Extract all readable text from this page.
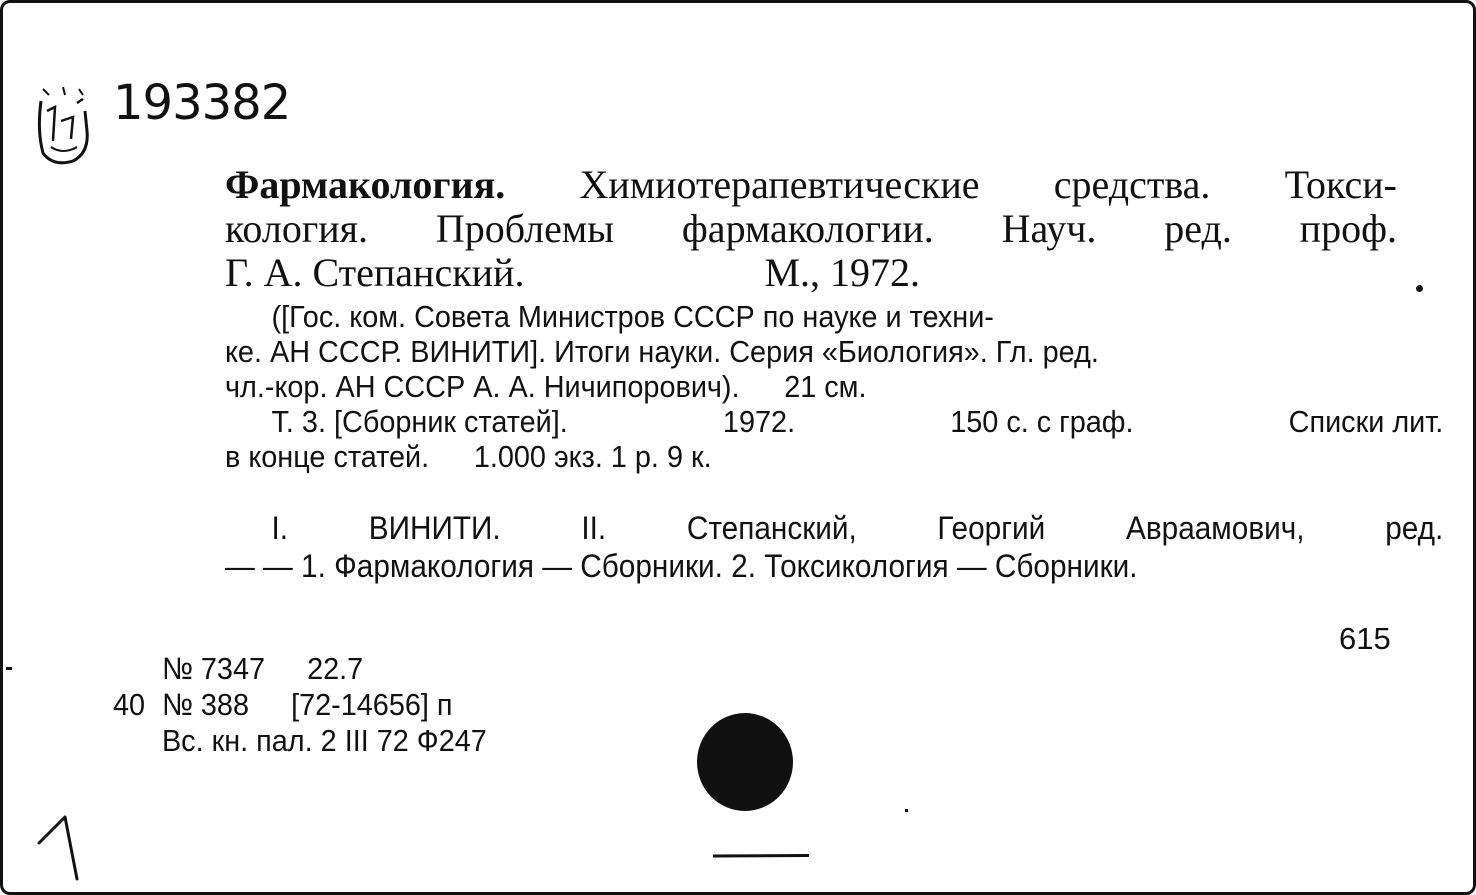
193382
Фармакология. Химиотерапевтические средства. Токси-
кология. Проблемы фармакологии. Науч. ред. проф.
Г. А. Степанский.	М., 1972.
([Гос. ком. Совета Министров СССР по науке и техни-
ке. АН СССР. ВИНИТИ]. Итоги науки. Серия «Биология». Гл. ред.
чл.-кор. АН СССР А. А. Ничипорович). 21 см.
Т. 3. [Сборник статей].	1972.	150 с. с граф.	Списки лит.
в конце статей. 1.000 экз. 1 р. 9 к.
I.	ВИНИТИ.	II.	Степанский,	Георгий	Авраамович,	ред.
— — 1. Фармакология — Сборники. 2. Токсикология — Сборники.
615
№ 7347 22.7
40 № 388 [72-14656] п
Вс. кн. пал. 2 III 72 Ф247
